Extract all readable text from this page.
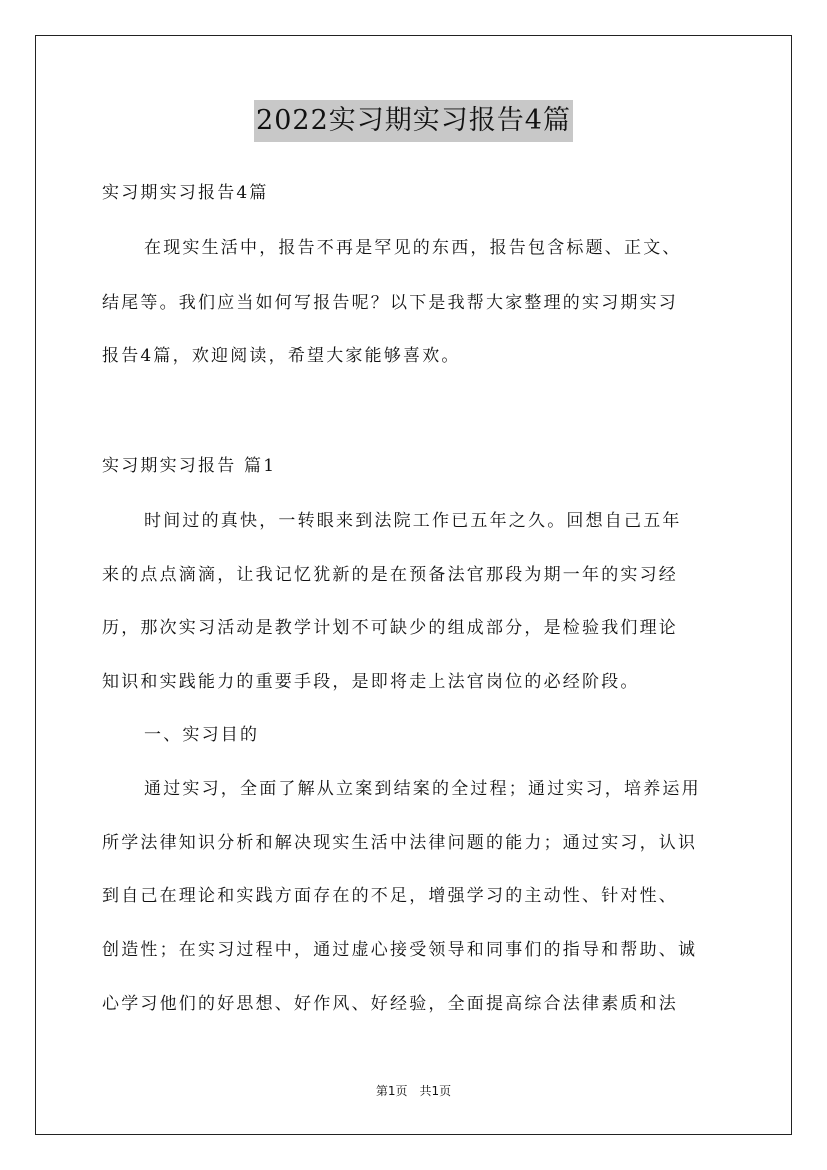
2022实习期实习报告4篇
实习期实习报告4篇
在现实生活中，报告不再是罕见的东西，报告包含标题、正文、
结尾等。我们应当如何写报告呢？以下是我帮大家整理的实习期实习
报告4篇，欢迎阅读，希望大家能够喜欢。
实习期实习报告 篇1
时间过的真快，一转眼来到法院工作已五年之久。回想自己五年
来的点点滴滴，让我记忆犹新的是在预备法官那段为期一年的实习经
历，那次实习活动是教学计划不可缺少的组成部分，是检验我们理论
知识和实践能力的重要手段，是即将走上法官岗位的必经阶段。
一、实习目的
通过实习，全面了解从立案到结案的全过程；通过实习，培养运用
所学法律知识分析和解决现实生活中法律问题的能力；通过实习，认识
到自己在理论和实践方面存在的不足，增强学习的主动性、针对性、
创造性；在实习过程中，通过虚心接受领导和同事们的指导和帮助、诚
心学习他们的好思想、好作风、好经验，全面提高综合法律素质和法
第1页　共1页
